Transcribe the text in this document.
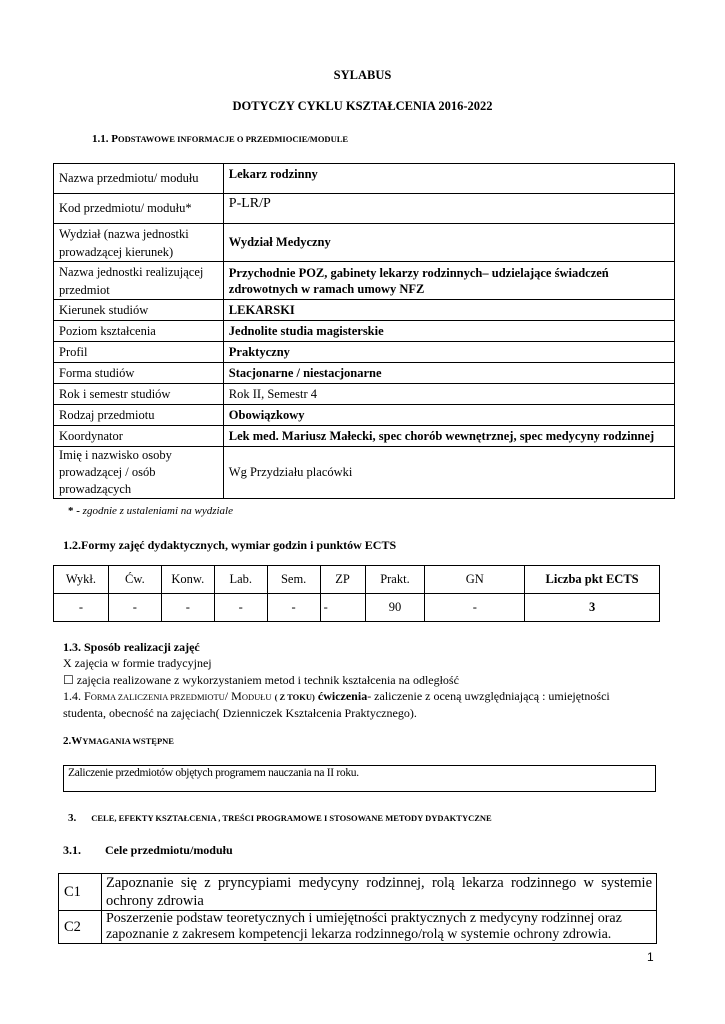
SYLABUS
DOTYCZY CYKLU KSZTAŁCENIA 2016-2022
1.1. PODSTAWOWE INFORMACJE O PRZEDMIOCIE/MODULE
Nazwa przedmiotu/ modułu	Lekarz rodzinny
Kod przedmiotu/ modułu*	P-LR/P
Wydział (nazwa jednostki prowadzącej kierunek)	Wydział Medyczny
Nazwa jednostki realizującej przedmiot	Przychodnie POZ, gabinety lekarzy rodzinnych– udzielające świadczeń zdrowotnych w ramach umowy NFZ
Kierunek studiów	LEKARSKI
Poziom kształcenia	Jednolite studia magisterskie
Profil	Praktyczny
Forma studiów	Stacjonarne / niestacjonarne
Rok i semestr studiów	Rok II, Semestr 4
Rodzaj przedmiotu	Obowiązkowy
Koordynator	Lek med. Mariusz Małecki, spec chorób wewnętrznej, spec medycyny rodzinnej
Imię i nazwisko osoby prowadzącej / osób prowadzących	Wg Przydziału placówki
* - zgodnie z ustaleniami na wydziale
1.2.Formy zajęć dydaktycznych, wymiar godzin i punktów ECTS
Wykł.	Ćw.	Konw.	Lab.	Sem.	ZP	Prakt.	GN	Liczba pkt ECTS
-	-	-	-	-	-	90	-	3
1.3. Sposób realizacji zajęć
X zajęcia w formie tradycyjnej
☐ zajęcia realizowane z wykorzystaniem metod i technik kształcenia na odległość
1.4. FORMA ZALICZENIA PRZEDMIOTU/ MODUŁU ( Z TOKU) ćwiczenia- zaliczenie z oceną uwzględniającą : umiejętności
studenta, obecność na zajęciach( Dzienniczek Kształcenia Praktycznego).
2.WYMAGANIA WSTĘPNE
Zaliczenie przedmiotów objętych programem nauczania na II roku.
3. CELE, EFEKTY KSZTAŁCENIA , TREŚCI PROGRAMOWE I STOSOWANE METODY DYDAKTYCZNE
3.1. Cele przedmiotu/modułu
C1	Zapoznanie się z pryncypiami medycyny rodzinnej, rolą lekarza rodzinnego w systemie ochrony zdrowia
C2	Poszerzenie podstaw teoretycznych i umiejętności praktycznych z medycyny rodzinnej oraz zapoznanie z zakresem kompetencji lekarza rodzinnego/rolą w systemie ochrony zdrowia.
1
